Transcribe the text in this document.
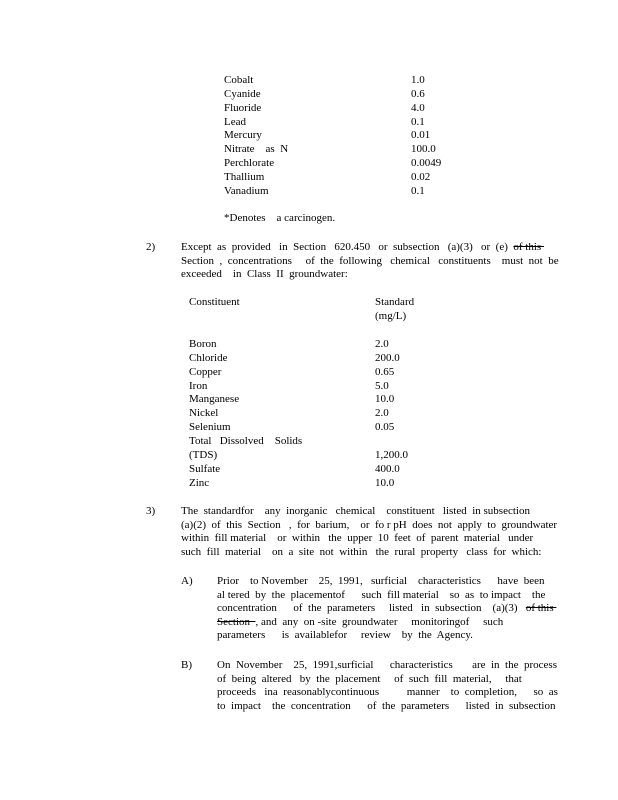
Cobalt	1.0
Cyanide	0.6
Fluoride	4.0
Lead	0.1
Mercury	0.01
Nitrate    as  N	100.0
Perchlorate	0.0049
Thallium	0.02
Vanadium	0.1
*Denotes    a carcinogen.
2) Except  as  provided   in  Section   620.450   or  subsection   (a)(3)   or  (e)  of this

Section  ,  concentrations     of  the  following   chemical   constituents    must  not  be

exceeded    in  Class  II  groundwater:

Constituent	Standard
(mg/L)
Boron	2.0
Chloride	200.0
Copper	0.65
Iron	5.0
Manganese	10.0
Nickel	2.0
Selenium	0.05
Total   Dissolved    Solids
(TDS)	1,200.0
Sulfate	400.0
Zinc	10.0
3) The  standardfor    any  inorganic   chemical    constituent   listed  in subsection

(a)(2)  of  this  Section   ,  for  barium,    or  fo r pH  does  not  apply  to  groundwater

within  fill material    or  within   the  upper  10  feet  of  parent  material   under

such  fill  material    on  a  site  not  within   the  rural  property   class  for  which:

A) Prior    to November    25,  1991,   surficial    characteristics      have  been

al tered  by  the  placementof      such  fill material    so  as  to impact    the

concentration      of  the  parameters     listed   in  subsection    (a)(3)   of this

Section  , and  any  on -site  groundwater     monitoringof     such

parameters      is  availablefor     review    by  the  Agency.

B) On  November    25,  1991,surficial      characteristics       are  in  the  process

of  being  altered   by  the  placement     of  such  fill  material,     that

proceeds   ina  reasonablycontinuous          manner    to  completion,      so  as

to  impact    the  concentration      of  the  parameters      listed  in  subsection
